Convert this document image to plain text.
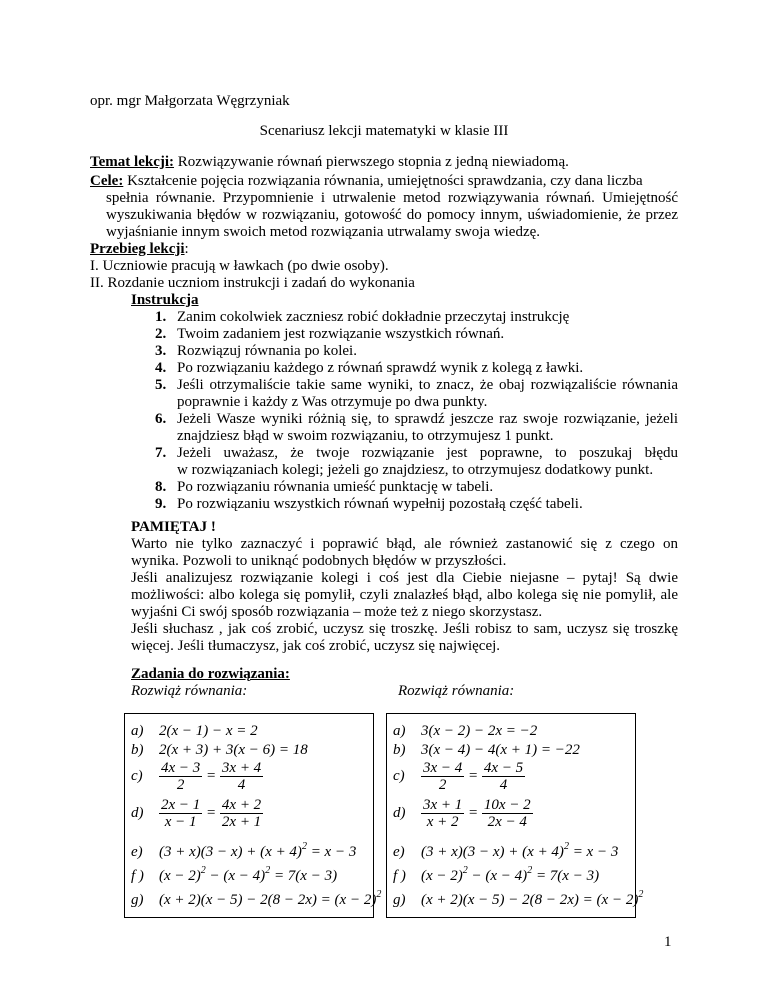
opr. mgr Małgorzata Węgrzyniak
Scenariusz lekcji matematyki w klasie III
Temat lekcji: Rozwiązywanie równań pierwszego stopnia z jedną niewiadomą.
Cele: Kształcenie pojęcia rozwiązania równania, umiejętności sprawdzania, czy dana liczba
spełnia równanie. Przypomnienie i utrwalenie metod rozwiązywania równań. Umiejętność
wyszukiwania błędów w rozwiązaniu, gotowość do pomocy innym, uświadomienie, że przez
wyjaśnianie innym swoich metod rozwiązania utrwalamy swoja wiedzę.
Przebieg lekcji:
I. Uczniowie pracują w ławkach (po dwie osoby).
II. Rozdanie uczniom instrukcji i zadań do wykonania
Instrukcja
1. Zanim cokolwiek zaczniesz robić dokładnie przeczytaj instrukcję
2. Twoim zadaniem jest rozwiązanie wszystkich równań.
3. Rozwiązuj równania po kolei.
4. Po rozwiązaniu każdego z równań sprawdź wynik z kolegą z ławki.
5. Jeśli otrzymaliście takie same wyniki, to znacz, że obaj rozwiązaliście równania
poprawnie i każdy z Was otrzymuje po dwa punkty.
6. Jeżeli Wasze wyniki różnią się, to sprawdź jeszcze raz swoje rozwiązanie, jeżeli
znajdziesz błąd w swoim rozwiązaniu, to otrzymujesz 1 punkt.
7. Jeżeli uważasz, że twoje rozwiązanie jest poprawne, to poszukaj błędu
w rozwiązaniach kolegi; jeżeli go znajdziesz, to otrzymujesz dodatkowy punkt.
8. Po rozwiązaniu równania umieść punktację w tabeli.
9. Po rozwiązaniu wszystkich równań wypełnij pozostałą część tabeli.
PAMIĘTAJ !
Warto nie tylko zaznaczyć i poprawić błąd, ale również zastanowić się z czego on
wynika. Pozwoli to uniknąć podobnych błędów w przyszłości.
Jeśli analizujesz rozwiązanie kolegi i coś jest dla Ciebie niejasne – pytaj! Są dwie
możliwości: albo kolega się pomylił, czyli znalazłeś błąd, albo kolega się nie pomylił, ale
wyjaśni Ci swój sposób rozwiązania – może też z niego skorzystasz.
Jeśli słuchasz , jak coś zrobić, uczysz się troszkę. Jeśli robisz to sam, uczysz się troszkę
więcej. Jeśli tłumaczysz, jak coś zrobić, uczysz się najwięcej.
Zadania do rozwiązania:
Rozwiąż równania:	Rozwiąż równania:
a) 2(x − 1) − x = 2
b) 2(x + 3) + 3(x − 6) = 18
$c) \frac{4x - 3}{2} = \frac{3x + 4}{4}$
$d) \frac{2x - 1}{x - 1} = \frac{4x + 2}{2x + 1}$
e) $(3 + x)(3 - x) + (x + 4)^2 = x - 3$
f ) $(x - 2)^2 - (x - 4)^2 = 7(x - 3)$
g) $(x + 2)(x - 5) - 2(8 - 2x) = (x - 2)^2$
a) 3(x − 2) − 2x = −2
b) 3(x − 4) − 4(x + 1) = −22
$c) \frac{3x - 4}{2} = \frac{4x - 5}{4}$
$d) \frac{3x + 1}{x + 2} = \frac{10x - 2}{2x - 4}$
e) $(3 + x)(3 - x) + (x + 4)^2 = x - 3$
f ) $(x - 2)^2 - (x - 4)^2 = 7(x - 3)$
g) $(x + 2)(x - 5) - 2(8 - 2x) = (x - 2)^2$
1
